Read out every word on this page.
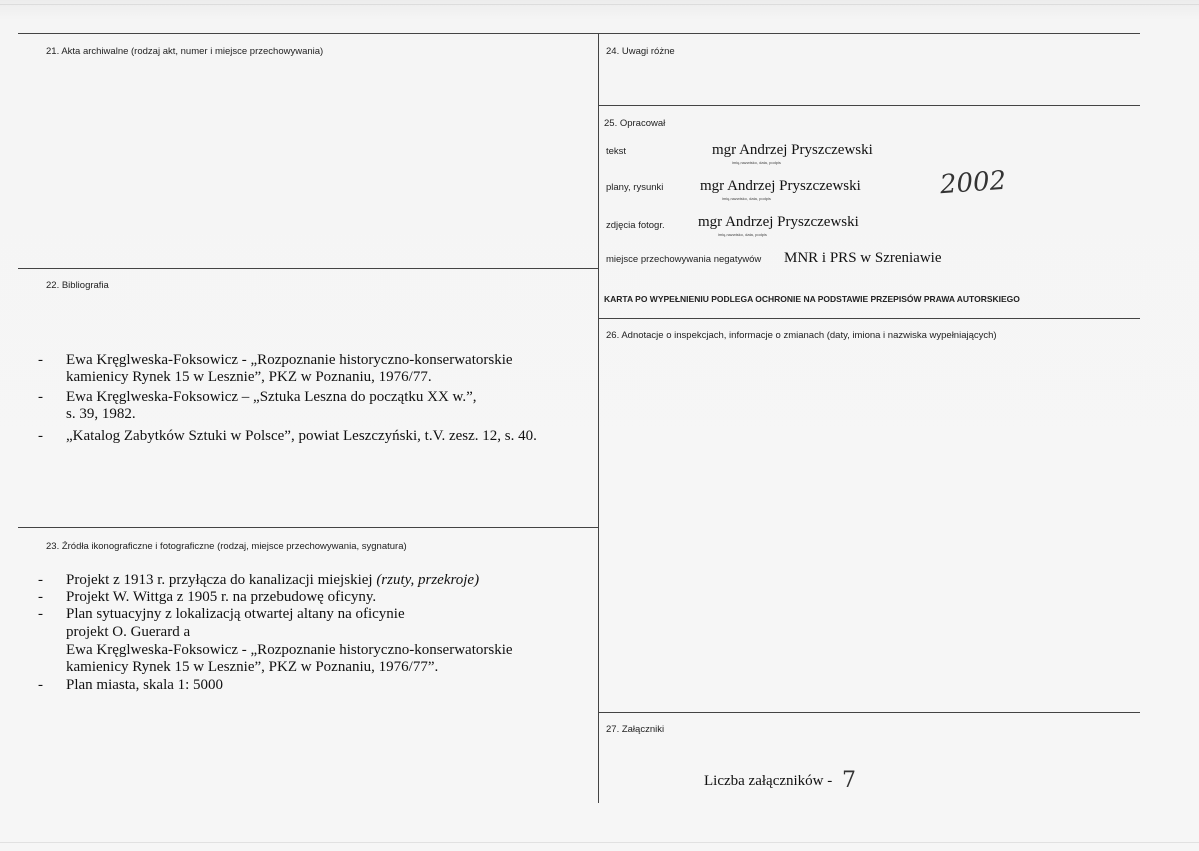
21. Akta archiwalne (rodzaj akt, numer i miejsce przechowywania)
22. Bibliografia
- Ewa Kręglweska-Foksowicz - „Rozpoznanie historyczno-konserwatorskie
kamienicy Rynek 15 w Lesznie”, PKZ w Poznaniu, 1976/77.
- Ewa Kręglweska-Foksowicz – „Sztuka Leszna do początku XX w.”,
s. 39, 1982.
- „Katalog Zabytków Sztuki w Polsce”, powiat Leszczyński, t.V. zesz. 12, s. 40.
23. Źródła ikonograficzne i fotograficzne (rodzaj, miejsce przechowywania, sygnatura)
- Projekt z 1913 r. przyłącza do kanalizacji miejskiej (rzuty, przekroje)
- Projekt W. Wittga z 1905 r. na przebudowę oficyny.
- Plan sytuacyjny z lokalizacją otwartej altany na oficynie
projekt O. Guerard a
Ewa Kręglweska-Foksowicz - „Rozpoznanie historyczno-konserwatorskie
kamienicy Rynek 15 w Lesznie”, PKZ w Poznaniu, 1976/77”.
- Plan miasta, skala 1: 5000
24. Uwagi różne
25. Opracował
tekst	mgr Andrzej Pryszczewski
imię,nazwisko, data, podpis
plany, rysunki mgr Andrzej Pryszczewski
imię,nazwisko, data, podpis
zdjęcia fotogr. mgr Andrzej Pryszczewski
imię,nazwisko, data, podpis
2002
miejsce przechowywania negatywów MNR i PRS w Szreniawie
KARTA PO WYPEŁNIENIU PODLEGA OCHRONIE NA PODSTAWIE PRZEPISÓW PRAWA AUTORSKIEGO
26. Adnotacje o inspekcjach, informacje o zmianach (daty, imiona i nazwiska wypełniających)
27. Załączniki
Liczba załączników - 7
